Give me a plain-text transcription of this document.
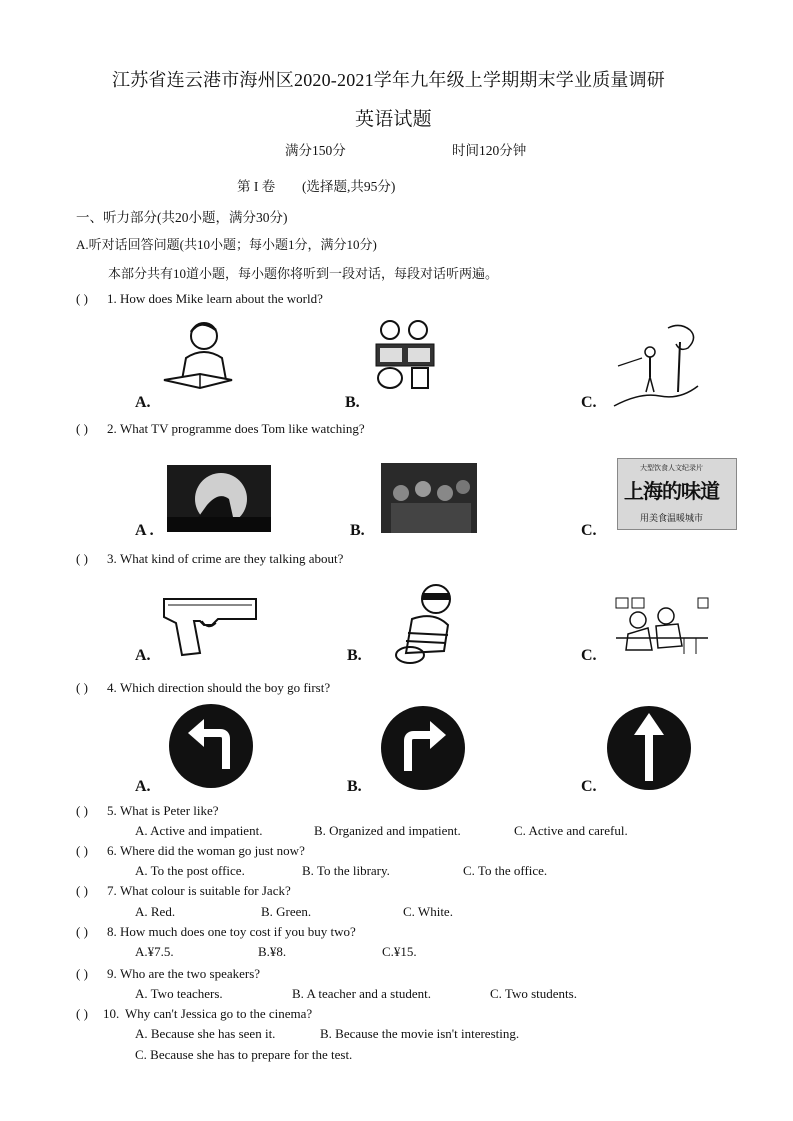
江苏省连云港市海州区2020-2021学年九年级上学期期末学业质量调研
英语试题
满分150分	时间120分钟
第 I 卷 (选择题,共95分)
一、听力部分(共20小题，满分30分)
A.听对话回答问题(共10小题；每小题1分，满分10分)
本部分共有10道小题，每小题你将听到一段对话，每段对话听两遍。
( ) 1. How does Mike learn about the world?
A.	B.	C.
( ) 2. What TV programme does Tom like watching?
大型饮食人文纪录片
上海的味道
用美食温暖城市
A .	B.	C.
( ) 3. What kind of crime are they talking about?
A.	B.	C.
( ) 4. Which direction should the boy go first?
A.	B.	C.
( ) 5. What is Peter like?
A. Active and impatient.	B. Organized and impatient.	C. Active and careful.
( ) 6. Where did the woman go just now?
A. To the post office.	B. To the library.	C. To the office.
( ) 7. What colour is suitable for Jack?
A. Red.	B. Green.	C. White.
( ) 8. How much does one toy cost if you buy two?
A.¥7.5.	B.¥8.	C.¥15.
( ) 9. Who are the two speakers?
A. Two teachers.	B. A teacher and a student.	C. Two students.
( ) 10. Why can't Jessica go to the cinema?
A. Because she has seen it.	B. Because the movie isn't interesting.
C. Because she has to prepare for the test.
